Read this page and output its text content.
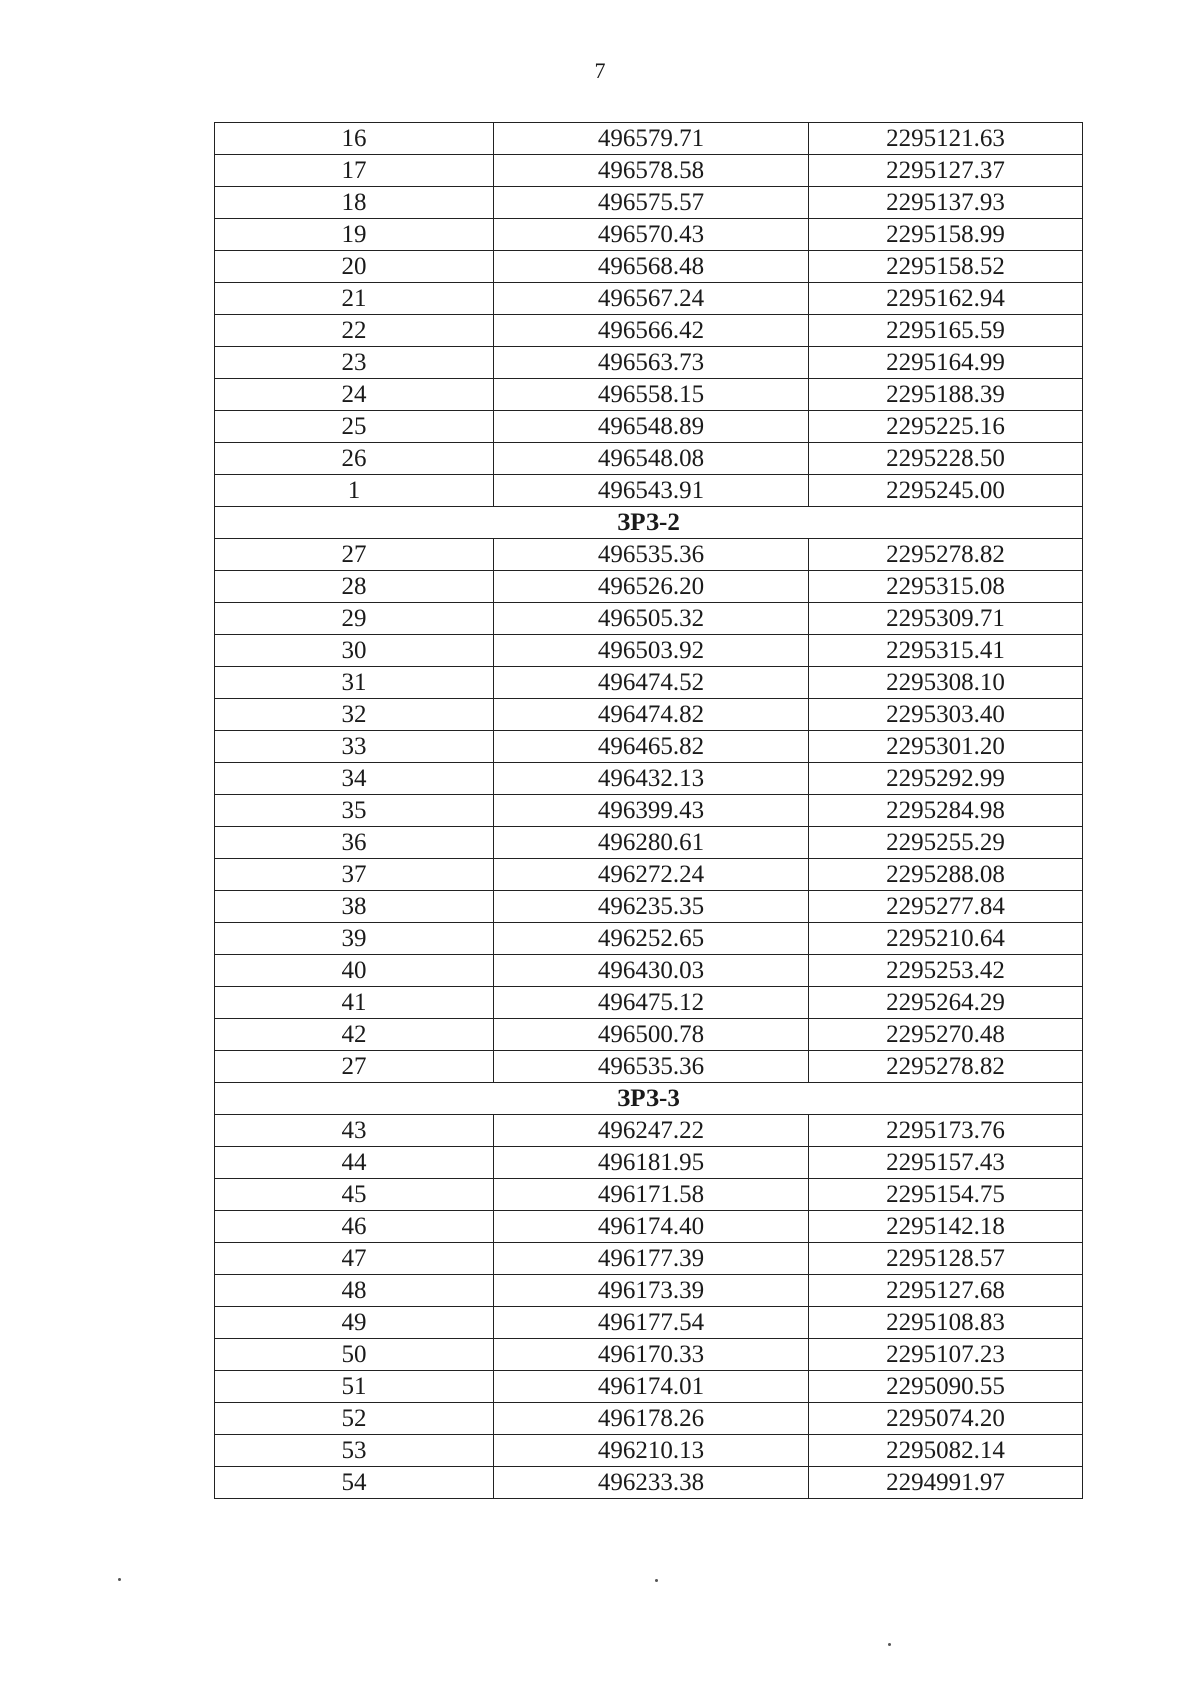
7
16	496579.71	2295121.63
17	496578.58	2295127.37
18	496575.57	2295137.93
19	496570.43	2295158.99
20	496568.48	2295158.52
21	496567.24	2295162.94
22	496566.42	2295165.59
23	496563.73	2295164.99
24	496558.15	2295188.39
25	496548.89	2295225.16
26	496548.08	2295228.50
1	496543.91	2295245.00
ЗРЗ-2		
27	496535.36	2295278.82
28	496526.20	2295315.08
29	496505.32	2295309.71
30	496503.92	2295315.41
31	496474.52	2295308.10
32	496474.82	2295303.40
33	496465.82	2295301.20
34	496432.13	2295292.99
35	496399.43	2295284.98
36	496280.61	2295255.29
37	496272.24	2295288.08
38	496235.35	2295277.84
39	496252.65	2295210.64
40	496430.03	2295253.42
41	496475.12	2295264.29
42	496500.78	2295270.48
27	496535.36	2295278.82
ЗРЗ-3		
43	496247.22	2295173.76
44	496181.95	2295157.43
45	496171.58	2295154.75
46	496174.40	2295142.18
47	496177.39	2295128.57
48	496173.39	2295127.68
49	496177.54	2295108.83
50	496170.33	2295107.23
51	496174.01	2295090.55
52	496178.26	2295074.20
53	496210.13	2295082.14
54	496233.38	2294991.97
